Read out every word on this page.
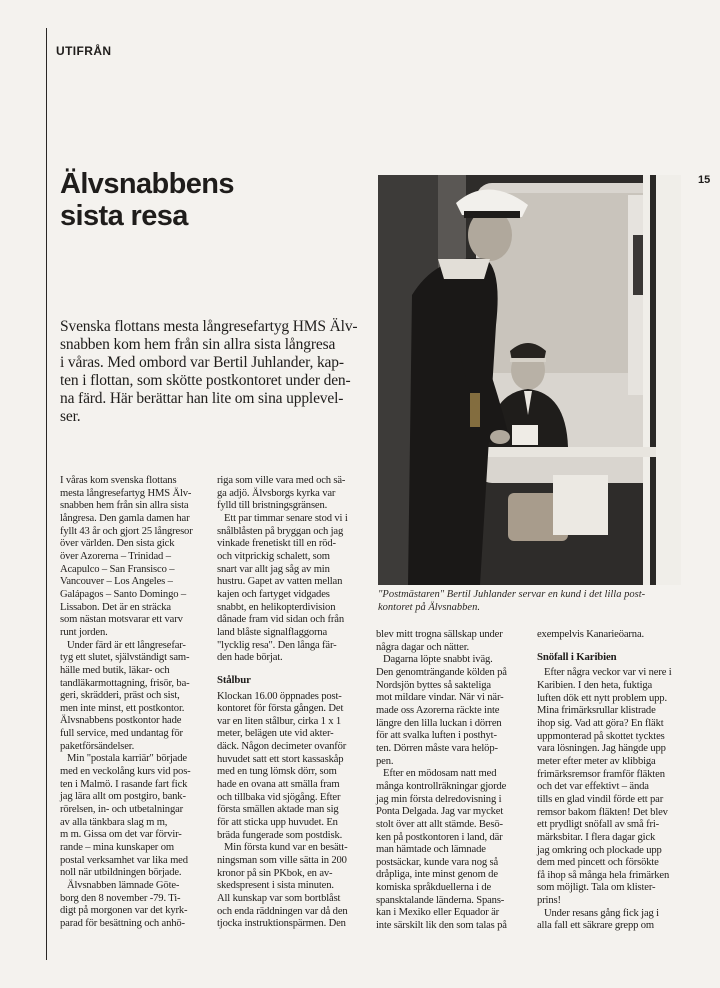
UTIFRÅN
15
Älvsnabbens
sista resa

Svenska flottans mesta långresefartyg HMS Älv-
snabben kom hem från sin allra sista långresa
i våras. Med ombord var Bertil Juhlander, kap-
ten i flottan, som skötte postkontoret under den-
na färd. Här berättar han lite om sina upplevel-
ser.

"Postmästaren" Bertil Juhlander servar en kund i det lilla post-
kontoret på Älvsnabben.

I våras kom svenska flottans

mesta långresefartyg HMS Älv-

snabben hem från sin allra sista

långresa. Den gamla damen har

fyllt 43 år och gjort 25 långresor

över världen. Den sista gick

över Azorerna – Trinidad –

Acapulco – San Fransisco –

Vancouver – Los Angeles –

Galápagos – Santo Domingo –

Lissabon. Det är en sträcka

som nästan motsvarar ett varv

runt jorden.

Under färd är ett långresefar-

tyg ett slutet, självständigt sam-

hälle med butik, läkar- och

tandläkarmottagning, frisör, ba-

geri, skrädderi, präst och sist,

men inte minst, ett postkontor.

Älvsnabbens postkontor hade

full service, med undantag för

paketförsändelser.

Min "postala karriär" började

med en veckolång kurs vid pos-

ten i Malmö. I rasande fart fick

jag lära allt om postgiro, bank-

rörelsen, in- och utbetalningar

av alla tänkbara slag m m,

m m. Gissa om det var förvir-

rande – mina kunskaper om

postal verksamhet var lika med

noll när utbildningen började.

Älvsnabben lämnade Göte-

borg den 8 november -79. Ti-

digt på morgonen var det kyrk-

parad för besättning och anhö-

riga som ville vara med och sä-

ga adjö. Älvsborgs kyrka var

fylld till bristningsgränsen.

Ett par timmar senare stod vi i

snålblåsten på bryggan och jag

vinkade frenetiskt till en röd-

och vitprickig schalett, som

snart var allt jag såg av min

hustru. Gapet av vatten mellan

kajen och fartyget vidgades

snabbt, en helikopterdivision

dånade fram vid sidan och från

land blåste signalflaggorna

"lycklig resa". Den långa fär-

den hade börjat.

Stålbur

Klockan 16.00 öppnades post-

kontoret för första gången. Det

var en liten stålbur, cirka 1 x 1

meter, belägen ute vid akter-

däck. Någon decimeter ovanför

huvudet satt ett stort kassaskåp

med en tung lömsk dörr, som

hade en ovana att smälla fram

och tillbaka vid sjögång. Efter

första smällen aktade man sig

för att sticka upp huvudet. En

bräda fungerade som postdisk.

Min första kund var en besätt-

ningsman som ville sätta in 200

kronor på sin PKbok, en av-

skedspresent i sista minuten.

All kunskap var som bortblåst

och enda räddningen var då den

tjocka instruktionspärmen. Den

blev mitt trogna sällskap under

några dagar och nätter.

Dagarna löpte snabbt iväg.

Den genomträngande kölden på

Nordsjön byttes så sakteliga

mot mildare vindar. När vi när-

made oss Azorerna räckte inte

längre den lilla luckan i dörren

för att svalka luften i posthyt-

ten. Dörren måste vara helöp-

pen.

Efter en mödosam natt med

många kontrollräkningar gjorde

jag min första delredovisning i

Ponta Delgada. Jag var mycket

stolt över att allt stämde. Besö-

ken på postkontoren i land, där

man hämtade och lämnade

postsäckar, kunde vara nog så

dråpliga, inte minst genom de

komiska språkduellerna i de

spansktalande länderna. Spans-

kan i Mexiko eller Equador är

inte särskilt lik den som talas på

exempelvis Kanarieöarna.

Snöfall i Karibien

Efter några veckor var vi nere i

Karibien. I den heta, fuktiga

luften dök ett nytt problem upp.

Mina frimärksrullar klistrade

ihop sig. Vad att göra? En fläkt

uppmonterad på skottet tycktes

vara lösningen. Jag hängde upp

meter efter meter av klibbiga

frimärksremsor framför fläkten

och det var effektivt – ända

tills en glad vindil förde ett par

remsor bakom fläkten! Det blev

ett prydligt snöfall av små fri-

märksbitar. I flera dagar gick

jag omkring och plockade upp

dem med pincett och försökte

få ihop så många hela frimärken

som möjligt. Tala om klister-

prins!

Under resans gång fick jag i

alla fall ett säkrare grepp om
